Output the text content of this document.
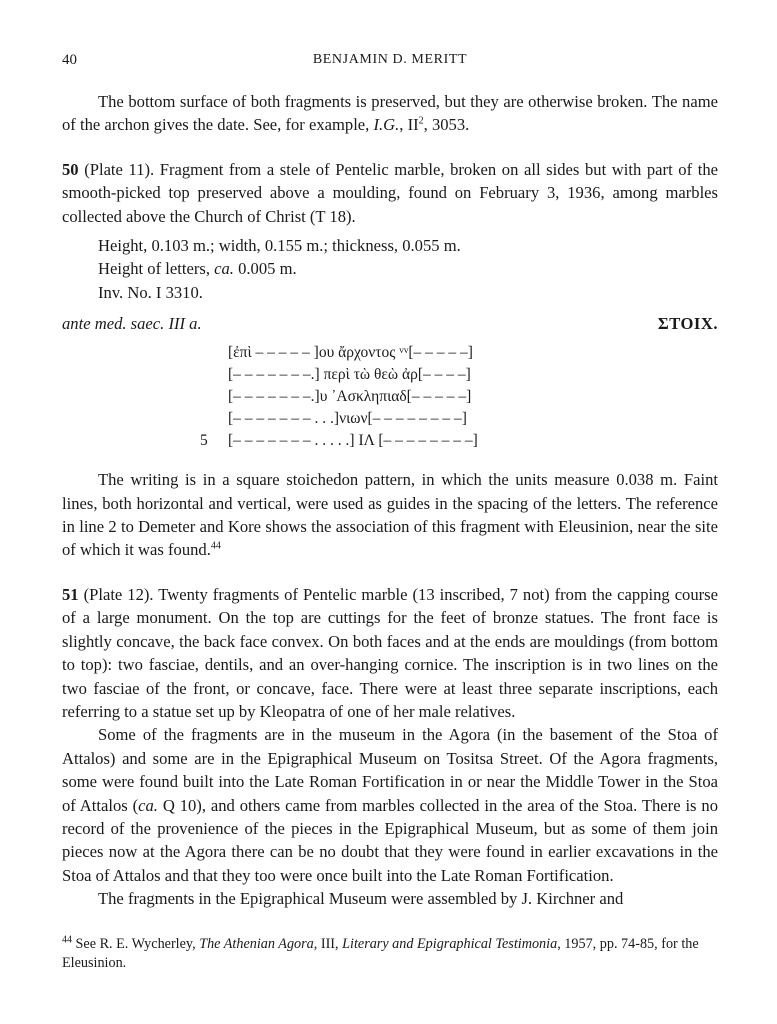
40	BENJAMIN D. MERITT

The bottom surface of both fragments is preserved, but they are otherwise broken. The name of the archon gives the date. See, for example, I.G., $II^2$, 3053.

50 (Plate 11). Fragment from a stele of Pentelic marble, broken on all sides but with part of the smooth-picked top preserved above a moulding, found on February 3, 1936, among marbles collected above the Church of Christ (T 18).

Height, 0.103 m.; width, 0.155 m.; thickness, 0.055 m.
Height of letters, ca. 0.005 m.
Inv. No. I 3310.
ante med. saec. III a.	ΣΤΟΙΧ.
[ἐπὶ – – – – – ]ου ἄρχοντος ᵛᵛ[– – – – –]
[– – – – – – –.] περὶ τὼ θεὼ ἀρ[– – – –]
[– – – – – – –.]υ ᾿Ασκληπιαδ[– – – – –]
[– – – – – – – . . .]νιων[– – – – – – – –]
5 [– – – – – – – . . . . .] ΙΛ [– – – – – – – –]

The writing is in a square stoichedon pattern, in which the units measure 0.038 m. Faint lines, both horizontal and vertical, were used as guides in the spacing of the letters. The reference in line 2 to Demeter and Kore shows the association of this fragment with Eleusinion, near the site of which it was found.$^{44}$

51 (Plate 12). Twenty fragments of Pentelic marble (13 inscribed, 7 not) from the capping course of a large monument. On the top are cuttings for the feet of bronze statues. The front face is slightly concave, the back face convex. On both faces and at the ends are mouldings (from bottom to top): two fasciae, dentils, and an over-hanging cornice. The inscription is in two lines on the two fasciae of the front, or concave, face. There were at least three separate inscriptions, each referring to a statue set up by Kleopatra of one of her male relatives.

Some of the fragments are in the museum in the Agora (in the basement of the Stoa of Attalos) and some are in the Epigraphical Museum on Tositsa Street. Of the Agora fragments, some were found built into the Late Roman Fortification in or near the Middle Tower in the Stoa of Attalos (ca. Q 10), and others came from marbles collected in the area of the Stoa. There is no record of the provenience of the pieces in the Epigraphical Museum, but as some of them join pieces now at the Agora there can be no doubt that they were found in earlier excavations in the Stoa of Attalos and that they too were once built into the Late Roman Fortification.

The fragments in the Epigraphical Museum were assembled by J. Kirchner and

$^{44}$ See R. E. Wycherley, The Athenian Agora, III, Literary and Epigraphical Testimonia, 1957, pp. 74-85, for the Eleusinion.
